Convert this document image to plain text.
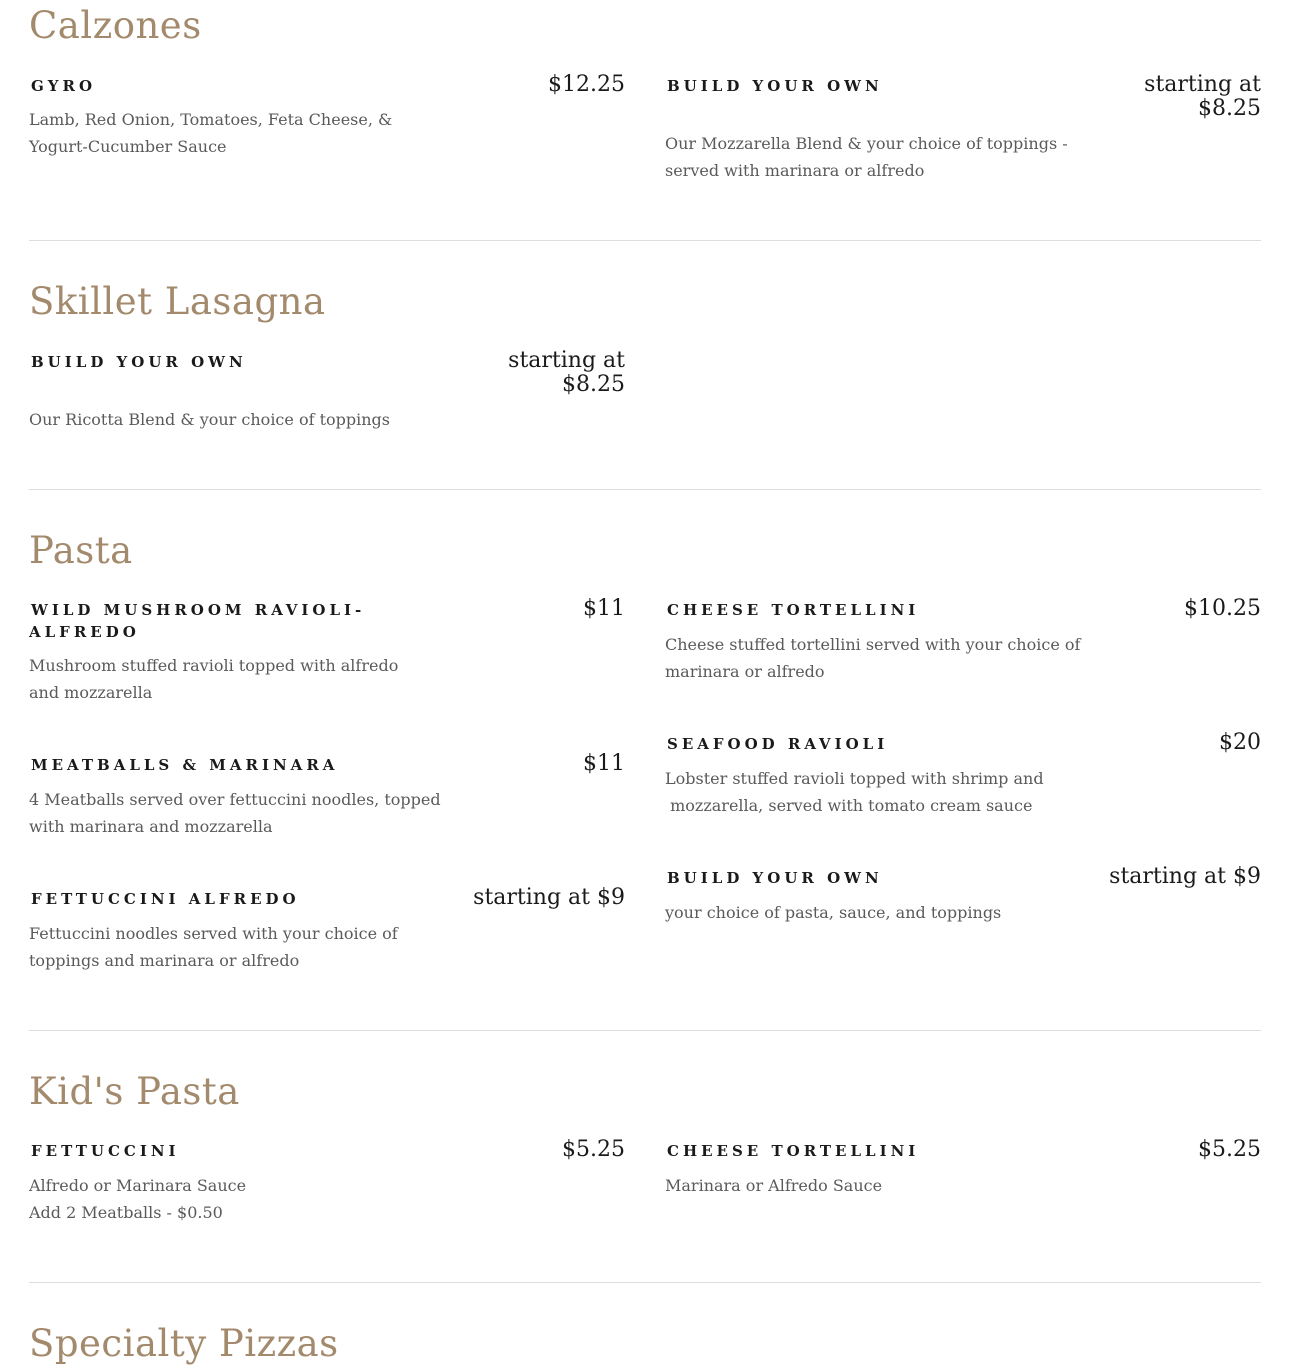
Calzones
GYRO	$12.25
Lamb, Red Onion, Tomatoes, Feta Cheese, &
Yogurt-Cucumber Sauce
BUILD YOUR OWN	starting at
$8.25
Our Mozzarella Blend & your choice of toppings -
served with marinara or alfredo
Skillet Lasagna
BUILD YOUR OWN	starting at
$8.25
Our Ricotta Blend & your choice of toppings
Pasta
WILD MUSHROOM RAVIOLI-
ALFREDO
$11
Mushroom stuffed ravioli topped with alfredo
and mozzarella
CHEESE TORTELLINI	$10.25
Cheese stuffed tortellini served with your choice of
marinara or alfredo
MEATBALLS & MARINARA	$11
4 Meatballs served over fettuccini noodles, topped
with marinara and mozzarella
SEAFOOD RAVIOLI	$20
Lobster stuffed ravioli topped with shrimp and
mozzarella, served with tomato cream sauce
FETTUCCINI ALFREDO	starting at $9
Fettuccini noodles served with your choice of
toppings and marinara or alfredo
BUILD YOUR OWN	starting at $9
your choice of pasta, sauce, and toppings
Kid's Pasta
FETTUCCINI	$5.25
Alfredo or Marinara Sauce
Add 2 Meatballs - $0.50
CHEESE TORTELLINI	$5.25
Marinara or Alfredo Sauce
Specialty Pizzas
